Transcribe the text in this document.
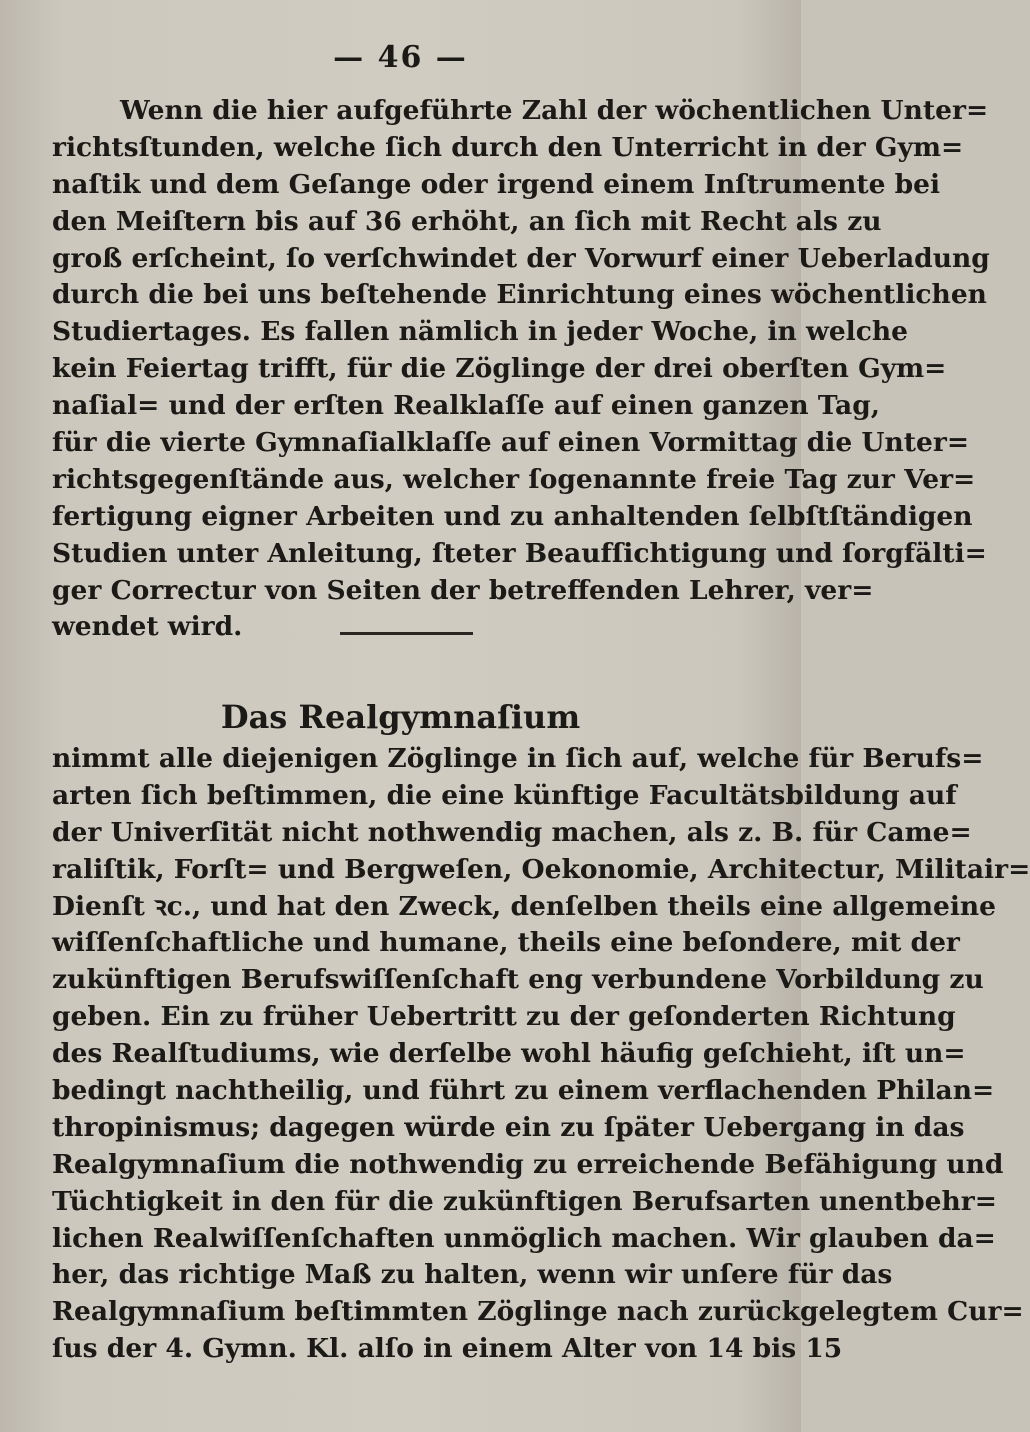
— 46 —
Wenn die hier aufgeführte Zahl der wöchentlichen Unter=
richtsſtunden, welche ſich durch den Unterricht in der Gym=
naſtik und dem Geſange oder irgend einem Inſtrumente bei
den Meiſtern bis auf 36 erhöht, an ſich mit Recht als zu
groß erſcheint, ſo verſchwindet der Vorwurf einer Ueberladung
durch die bei uns beſtehende Einrichtung eines wöchentlichen
Studiertages. Es fallen nämlich in jeder Woche, in welche
kein Feiertag trifft, für die Zöglinge der drei oberſten Gym=
naſial= und der erſten Realklaſſe auf einen ganzen Tag,
für die vierte Gymnaſialklaſſe auf einen Vormittag die Unter=
richtsgegenſtände aus, welcher ſogenannte freie Tag zur Ver=
fertigung eigner Arbeiten und zu anhaltenden ſelbſtſtändigen
Studien unter Anleitung, ſteter Beaufſichtigung und ſorgfälti=
ger Correctur von Seiten der betreffenden Lehrer, ver=
wendet wird.
Das Realgymnaſium
nimmt alle diejenigen Zöglinge in ſich auf, welche für Berufs=
arten ſich beſtimmen, die eine künftige Facultätsbildung auf
der Univerſität nicht nothwendig machen, als z. B. für Came=
raliſtik, Forſt= und Bergweſen, Oekonomie, Architectur, Militair=
Dienſt ꝛc., und hat den Zweck, denſelben theils eine allgemeine
wiſſenſchaftliche und humane, theils eine beſondere, mit der
zukünftigen Berufswiſſenſchaft eng verbundene Vorbildung zu
geben. Ein zu früher Uebertritt zu der geſonderten Richtung
des Realſtudiums, wie derſelbe wohl häufig geſchieht, iſt un=
bedingt nachtheilig, und führt zu einem verflachenden Philan=
thropinismus; dagegen würde ein zu ſpäter Uebergang in das
Realgymnaſium die nothwendig zu erreichende Befähigung und
Tüchtigkeit in den für die zukünftigen Berufsarten unentbehr=
lichen Realwiſſenſchaften unmöglich machen. Wir glauben da=
her, das richtige Maß zu halten, wenn wir unſere für das
Realgymnaſium beſtimmten Zöglinge nach zurückgelegtem Cur=
ſus der 4. Gymn. Kl. alſo in einem Alter von 14 bis 15
